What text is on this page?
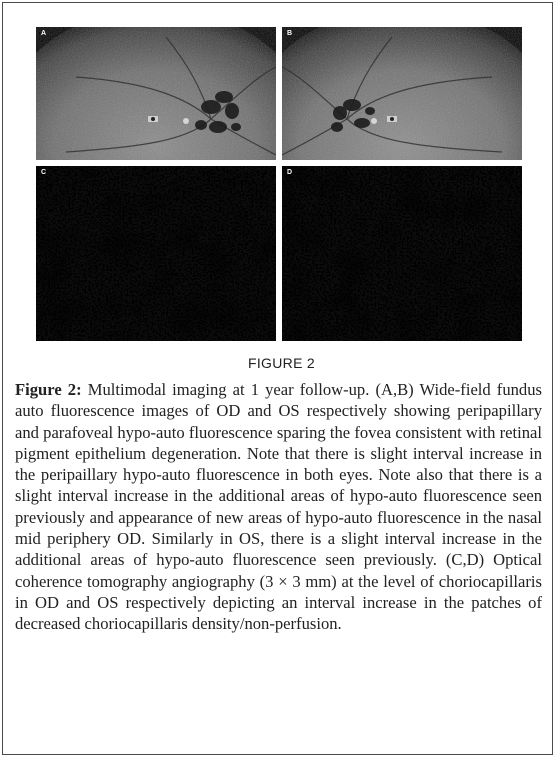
A	B
C	D
FIGURE 2
Figure 2: Multimodal imaging at 1 year follow-up. (A,B) Wide-field fundus auto fluorescence images of OD and OS respectively showing peripapillary and parafoveal hypo-auto fluorescence sparing the fovea consistent with retinal pigment epithelium degeneration. Note that there is slight interval increase in the peripaillary hypo-auto fluorescence in both eyes. Note also that there is a slight interval increase in the additional areas of hypo-auto fluorescence seen previously and appearance of new areas of hypo-auto fluorescence in the nasal mid periphery OD. Similarly in OS, there is a slight interval increase in the additional areas of hypo-auto fluorescence seen previously. (C,D) Optical coherence tomography angiography (3 × 3 mm) at the level of choriocapillaris in OD and OS respectively depicting an interval increase in the patches of decreased choriocapillaris density/non-perfusion.
